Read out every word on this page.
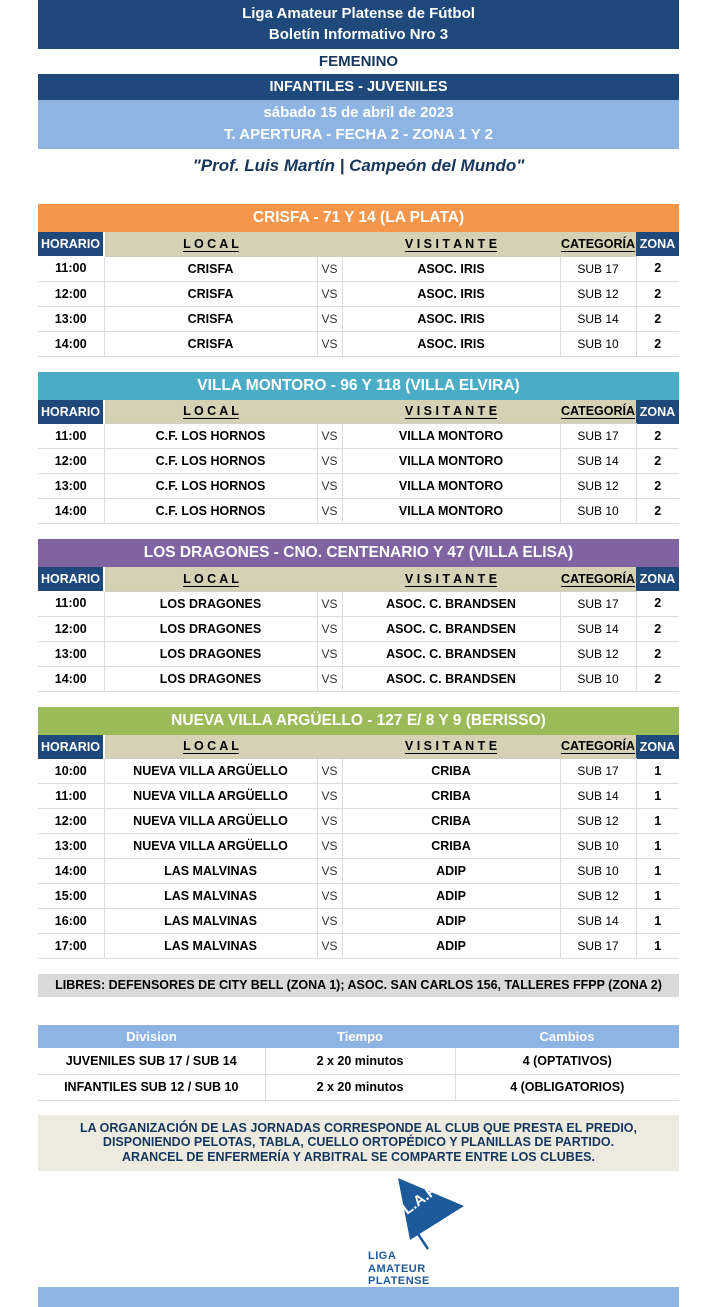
Liga Amateur Platense de Fútbol
Boletín Informativo Nro 3
FEMENINO
INFANTILES - JUVENILES
sábado 15 de abril de 2023
T. APERTURA - FECHA 2 - ZONA 1 Y 2
"Prof. Luis Martín | Campeón del Mundo"
CRISFA - 71 Y 14 (LA PLATA)
HORARIO	L O C A L		V I S I T A N T E	CATEGORÍA	ZONA
11:00	CRISFA	VS	ASOC. IRIS	SUB 17	2
12:00	CRISFA	VS	ASOC. IRIS	SUB 12	2
13:00	CRISFA	VS	ASOC. IRIS	SUB 14	2
14:00	CRISFA	VS	ASOC. IRIS	SUB 10	2
VILLA MONTORO - 96 Y 118 (VILLA ELVIRA)
HORARIO	L O C A L		V I S I T A N T E	CATEGORÍA	ZONA
11:00	C.F. LOS HORNOS	VS	VILLA MONTORO	SUB 17	2
12:00	C.F. LOS HORNOS	VS	VILLA MONTORO	SUB 14	2
13:00	C.F. LOS HORNOS	VS	VILLA MONTORO	SUB 12	2
14:00	C.F. LOS HORNOS	VS	VILLA MONTORO	SUB 10	2
LOS DRAGONES - CNO. CENTENARIO Y 47 (VILLA ELISA)
HORARIO	L O C A L		V I S I T A N T E	CATEGORÍA	ZONA
11:00	LOS DRAGONES	VS	ASOC. C. BRANDSEN	SUB 17	2
12:00	LOS DRAGONES	VS	ASOC. C. BRANDSEN	SUB 14	2
13:00	LOS DRAGONES	VS	ASOC. C. BRANDSEN	SUB 12	2
14:00	LOS DRAGONES	VS	ASOC. C. BRANDSEN	SUB 10	2
NUEVA VILLA ARGÜELLO - 127 E/ 8 Y 9 (BERISSO)
HORARIO	L O C A L		V I S I T A N T E	CATEGORÍA	ZONA
10:00	NUEVA VILLA ARGÜELLO	VS	CRIBA	SUB 17	1
11:00	NUEVA VILLA ARGÜELLO	VS	CRIBA	SUB 14	1
12:00	NUEVA VILLA ARGÜELLO	VS	CRIBA	SUB 12	1
13:00	NUEVA VILLA ARGÜELLO	VS	CRIBA	SUB 10	1
14:00	LAS MALVINAS	VS	ADIP	SUB 10	1
15:00	LAS MALVINAS	VS	ADIP	SUB 12	1
16:00	LAS MALVINAS	VS	ADIP	SUB 14	1
17:00	LAS MALVINAS	VS	ADIP	SUB 17	1
LIBRES: DEFENSORES DE CITY BELL (ZONA 1); ASOC. SAN CARLOS 156, TALLERES FFPP (ZONA 2)
Division	Tiempo	Cambios
JUVENILES SUB 17 / SUB 14	2 x 20 minutos	4 (OPTATIVOS)
INFANTILES SUB 12 / SUB 10	2 x 20 minutos	4 (OBLIGATORIOS)
LA ORGANIZACIÓN DE LAS JORNADAS CORRESPONDE AL CLUB QUE PRESTA EL PREDIO,
DISPONIENDO PELOTAS, TABLA, CUELLO ORTOPÉDICO Y PLANILLAS DE PARTIDO.
ARANCEL DE ENFERMERÍA Y ARBITRAL SE COMPARTE ENTRE LOS CLUBES.
L.A.P.
LIGA
AMATEUR
PLATENSE
